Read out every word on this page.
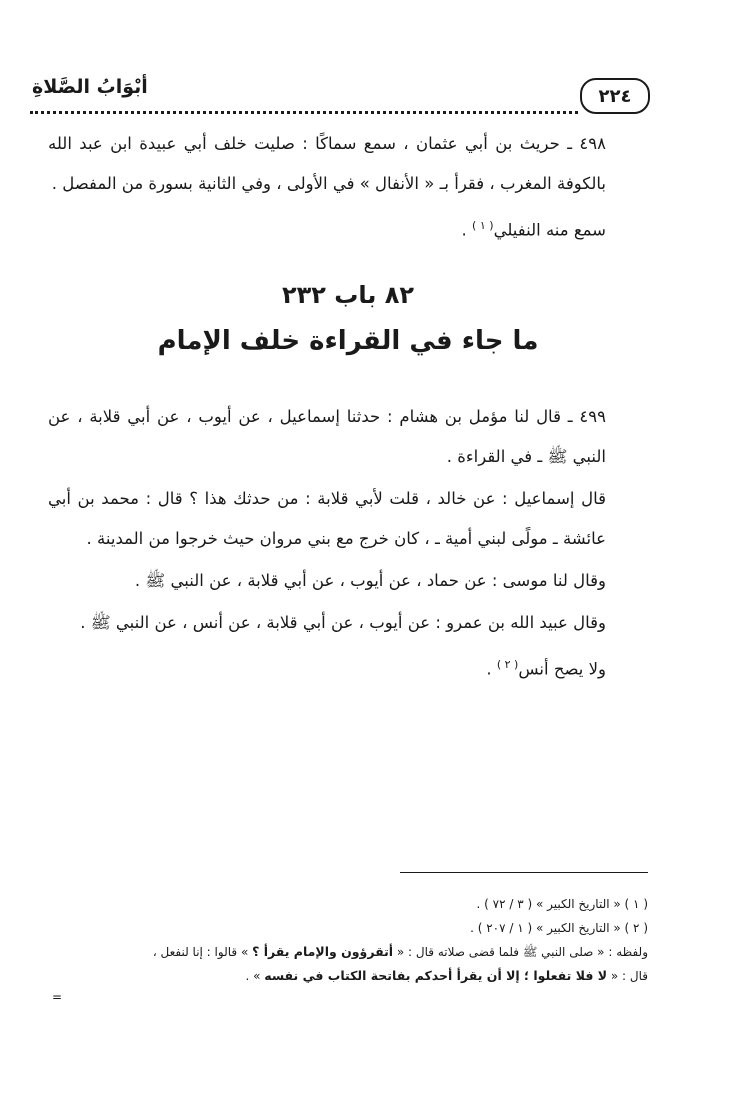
٢٢٤
أبْوَابُ الصَّلاةِ

٤٩٨ ـ حريث بن أبي عثمان ، سمع سماكًا : صليت خلف أبي عبيدة ابن عبد الله بالكوفة المغرب ، فقرأ بـ « الأنفال » في الأولى ، وفي الثانية بسورة من المفصل .

سمع منه النفيلي$^{( ١ )}$ .

٨٢ باب ٢٣٢
ما جاء في القراءة خلف الإمام

٤٩٩ ـ قال لنا مؤمل بن هشام : حدثنا إسماعيل ، عن أيوب ، عن أبي قلابة ، عن النبي ﷺ ـ في القراءة .

قال إسماعيل : عن خالد ، قلت لأبي قلابة : من حدثك هذا ؟ قال : محمد بن أبي عائشة ـ مولًى لبني أمية ـ ، كان خرج مع بني مروان حيث خرجوا من المدينة .

وقال لنا موسى : عن حماد ، عن أيوب ، عن أبي قلابة ، عن النبي ﷺ .

وقال عبيد الله بن عمرو : عن أيوب ، عن أبي قلابة ، عن أنس ، عن النبي ﷺ .

ولا يصح أنس$^{( ٢ )}$ .

( ١ ) « التاريخ الكبير » ( ٣ / ٧٢ ) .

( ٢ ) « التاريخ الكبير » ( ١ / ٢٠٧ ) .

ولفظه : « صلى النبي ﷺ فلما قضى صلاته قال : « أتقرؤون والإمام يقرأ ؟ » قالوا : إنا لنفعل ،

قال : « لا فلا تفعلوا ؛ إلا أن يقرأ أحدكم بفاتحة الكتاب في نفسه » .

=
